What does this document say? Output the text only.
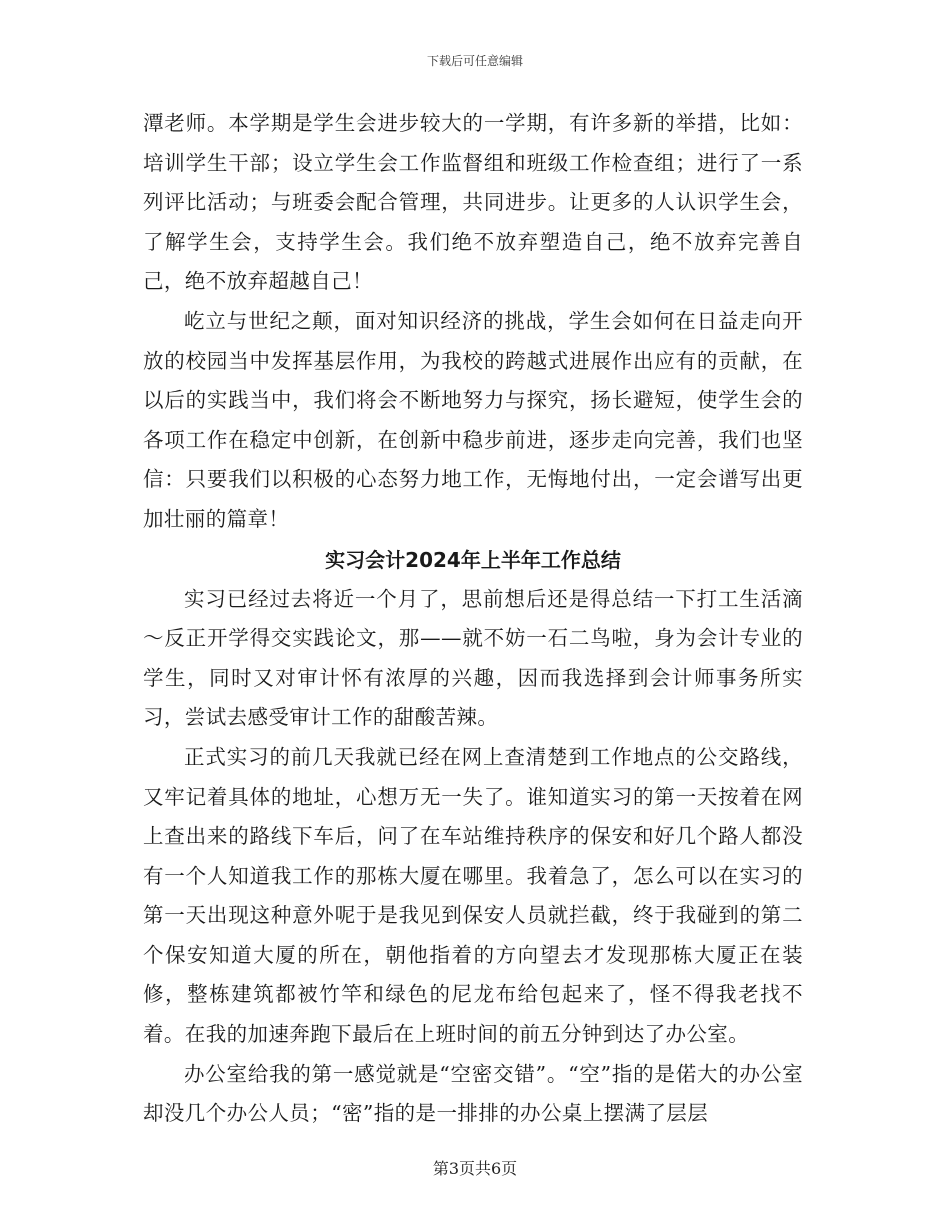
下载后可任意编辑

潭老师。本学期是学生会进步较大的一学期，有许多新的举措，比如：培训学生干部；设立学生会工作监督组和班级工作检查组；进行了一系列评比活动；与班委会配合管理，共同进步。让更多的人认识学生会，了解学生会，支持学生会。我们绝不放弃塑造自己，绝不放弃完善自己，绝不放弃超越自己！

屹立与世纪之颠，面对知识经济的挑战，学生会如何在日益走向开放的校园当中发挥基层作用，为我校的跨越式进展作出应有的贡献，在以后的实践当中，我们将会不断地努力与探究，扬长避短，使学生会的各项工作在稳定中创新，在创新中稳步前进，逐步走向完善，我们也坚信：只要我们以积极的心态努力地工作，无悔地付出，一定会谱写出更加壮丽的篇章！

实习会计2024年上半年工作总结

实习已经过去将近一个月了，思前想后还是得总结一下打工生活滴～反正开学得交实践论文，那——就不妨一石二鸟啦，身为会计专业的学生，同时又对审计怀有浓厚的兴趣，因而我选择到会计师事务所实习，尝试去感受审计工作的甜酸苦辣。

正式实习的前几天我就已经在网上查清楚到工作地点的公交路线，又牢记着具体的地址，心想万无一失了。谁知道实习的第一天按着在网上查出来的路线下车后，问了在车站维持秩序的保安和好几个路人都没有一个人知道我工作的那栋大厦在哪里。我着急了，怎么可以在实习的第一天出现这种意外呢于是我见到保安人员就拦截，终于我碰到的第二个保安知道大厦的所在，朝他指着的方向望去才发现那栋大厦正在装修，整栋建筑都被竹竿和绿色的尼龙布给包起来了，怪不得我老找不着。在我的加速奔跑下最后在上班时间的前五分钟到达了办公室。

办公室给我的第一感觉就是“空密交错”。“空”指的是偌大的办公室却没几个办公人员；“密”指的是一排排的办公桌上摆满了层层

第3页共6页
